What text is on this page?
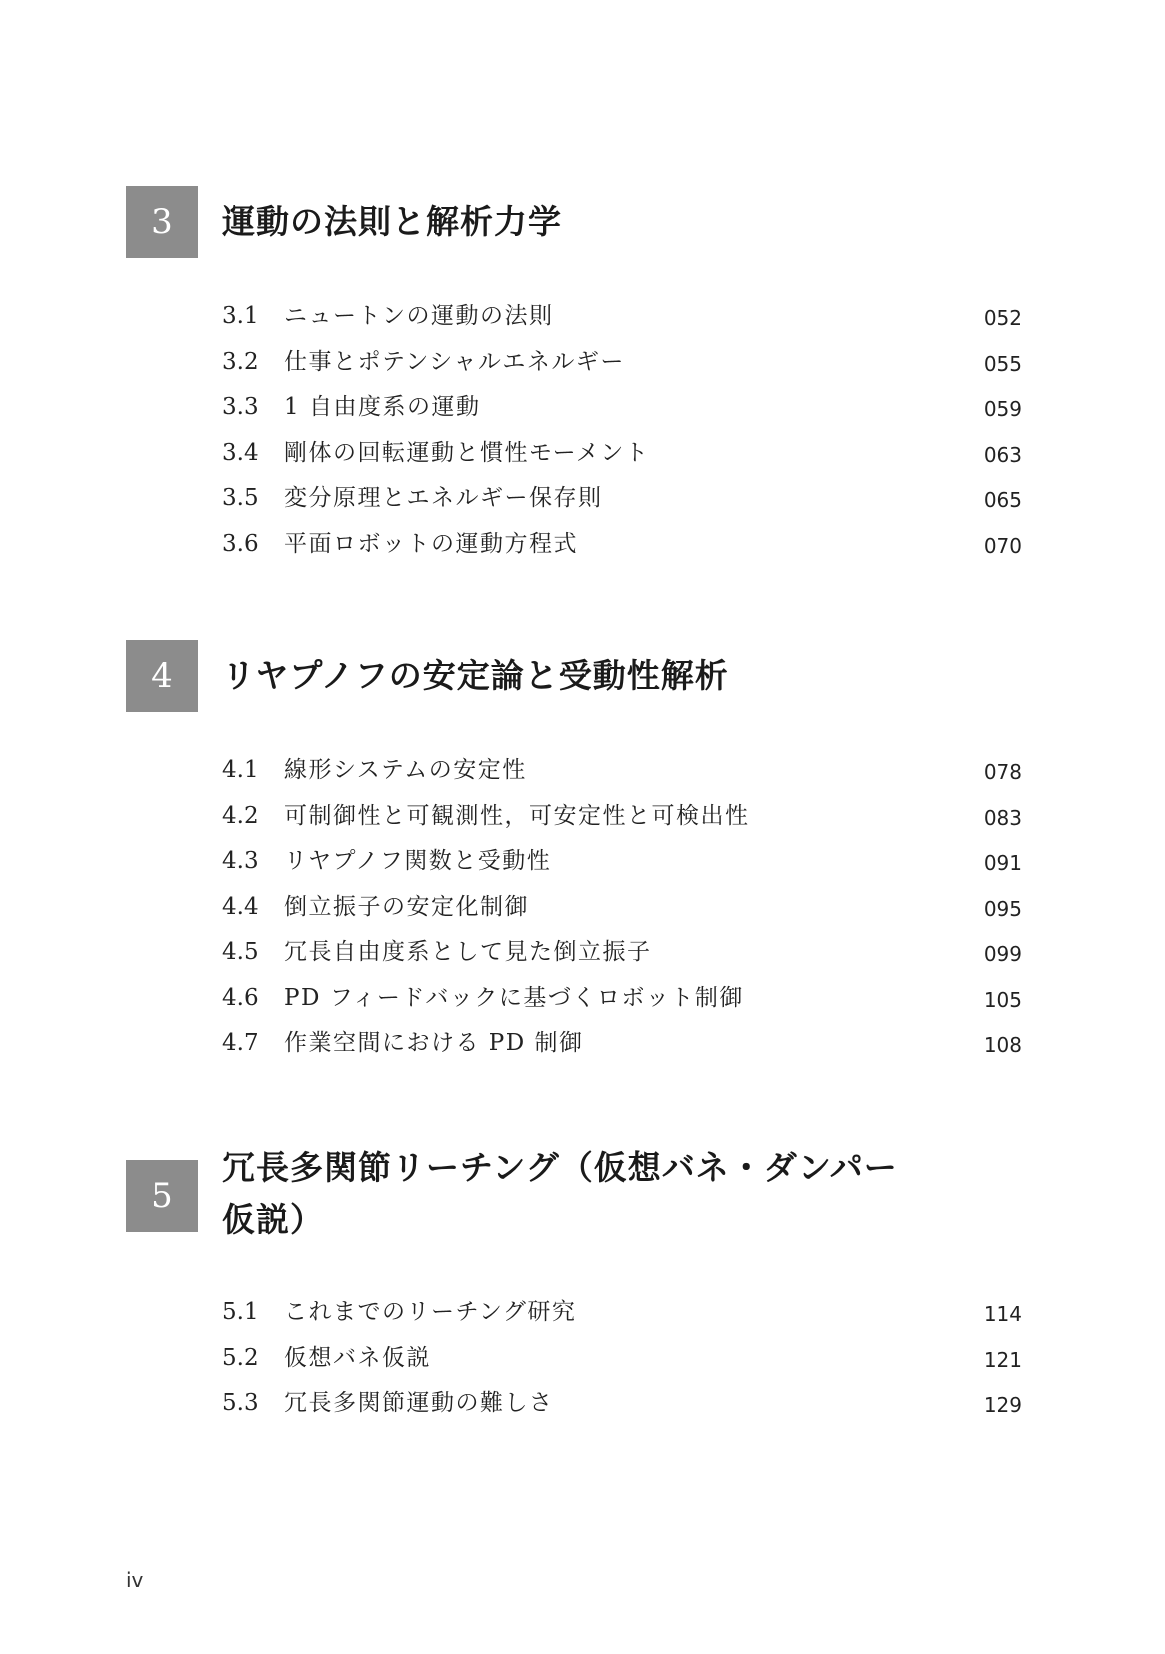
3	運動の法則と解析力学
3.1 ニュートンの運動の法則	052
3.2 仕事とポテンシャルエネルギー	055
3.3 1 自由度系の運動	059
3.4 剛体の回転運動と慣性モーメント	063
3.5 変分原理とエネルギー保存則	065
3.6 平面ロボットの運動方程式	070
4	リヤプノフの安定論と受動性解析
4.1 線形システムの安定性	078
4.2 可制御性と可観測性，可安定性と可検出性	083
4.3 リヤプノフ関数と受動性	091
4.4 倒立振子の安定化制御	095
4.5 冗長自由度系として見た倒立振子	099
4.6 PD フィードバックに基づくロボット制御	105
4.7 作業空間における PD 制御	108
5
冗長多関節リーチング（仮想バネ・ダンパー
仮説）
5.1 これまでのリーチング研究	114
5.2 仮想バネ仮説	121
5.3 冗長多関節運動の難しさ	129
iv
